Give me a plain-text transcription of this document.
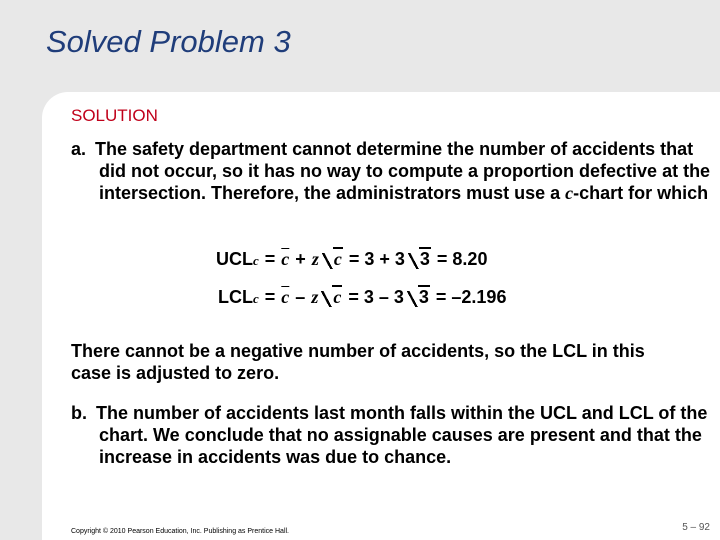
Solved Problem 3
SOLUTION
a. The safety department cannot determine the number of accidents that did not occur, so it has no way to compute a proportion defective at the intersection. Therefore, the administrators must use a c-chart for which
UCL $c = \overline{c} + z$ c = 3 + 3 3 = 8.20
LCL $c = \overline{c} - z$ c = 3 – 3 3 = –2.196
There cannot be a negative number of accidents, so the LCL in this case is adjusted to zero.
b. The number of accidents last month falls within the UCL and LCL of the chart. We conclude that no assignable causes are present and that the increase in accidents was due to chance.
Copyright © 2010 Pearson Education, Inc. Publishing as Prentice Hall.	5 – 92
